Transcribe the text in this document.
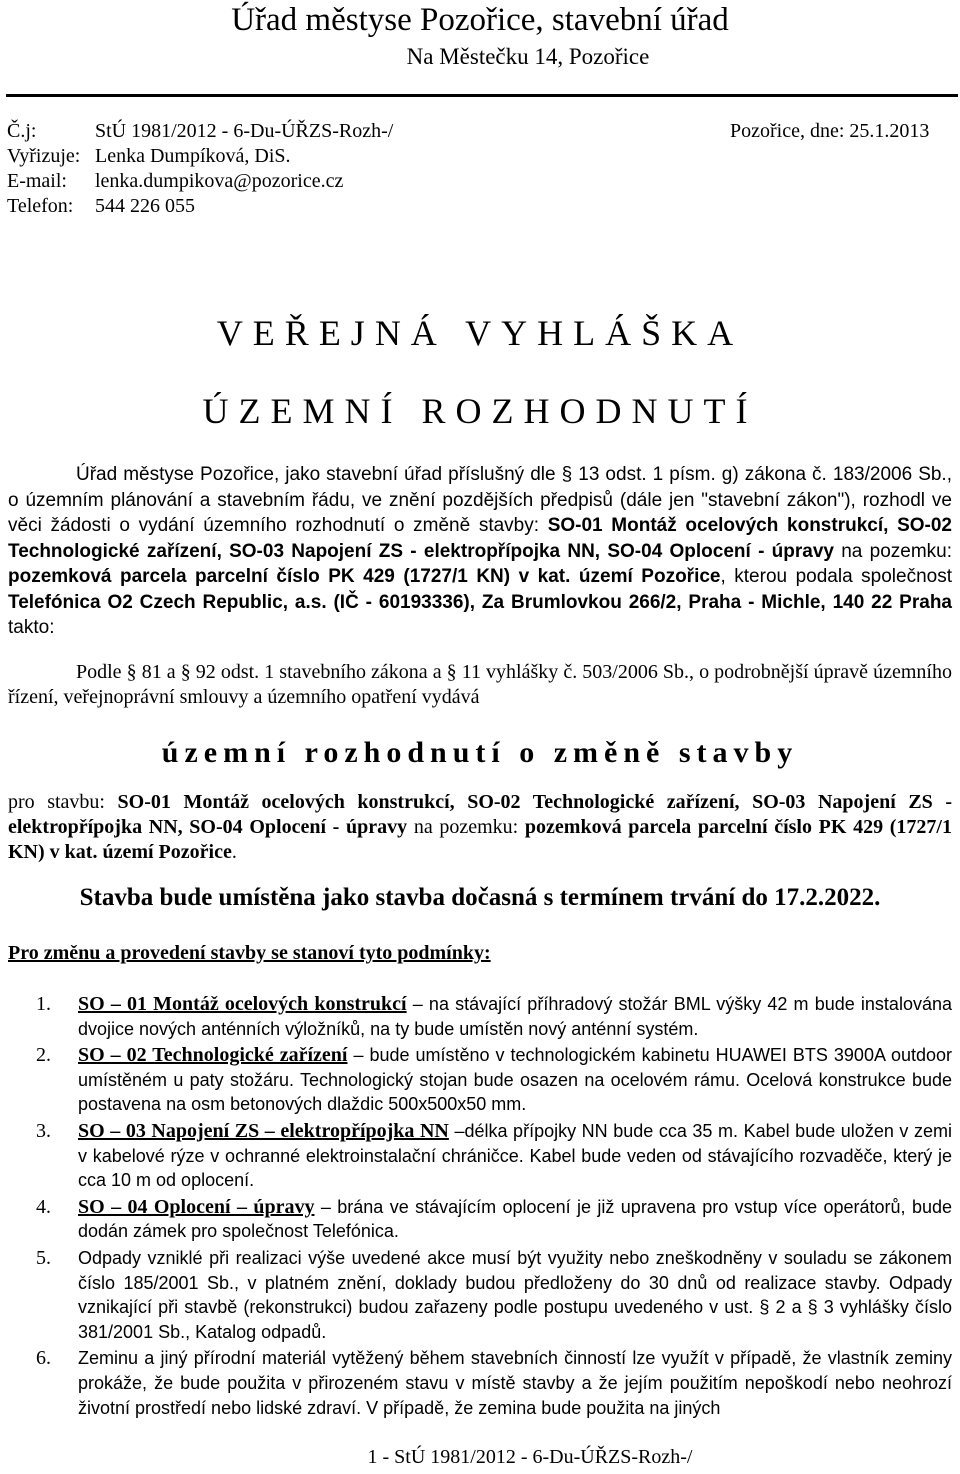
Úřad městyse Pozořice, stavební úřad
Na Městečku 14, Pozořice
Č.j:	StÚ 1981/2012 - 6-Du-ÚŘZS-Rozh-/	Pozořice, dne: 25.1.2013
Vyřizuje: Lenka Dumpíková, DiS.
E-mail: lenka.dumpikova@pozorice.cz
Telefon: 544 226 055
VEŘEJNÁ VYHLÁŠKA
ÚZEMNÍ ROZHODNUTÍ
Úřad městyse Pozořice, jako stavební úřad příslušný dle § 13 odst. 1 písm. g) zákona č. 183/2006 Sb., o územním plánování a stavebním řádu, ve znění pozdějších předpisů (dále jen "stavební zákon"), rozhodl ve věci žádosti o vydání územního rozhodnutí o změně stavby: SO-01 Montáž ocelových konstrukcí, SO-02 Technologické zařízení, SO-03 Napojení ZS - elektropřípojka NN, SO-04 Oplocení - úpravy na pozemku: pozemková parcela parcelní číslo PK 429 (1727/1 KN) v kat. území Pozořice, kterou podala společnost Telefónica O2 Czech Republic, a.s. (IČ - 60193336), Za Brumlovkou 266/2, Praha - Michle, 140 22 Praha takto:
Podle § 81 a § 92 odst. 1 stavebního zákona a § 11 vyhlášky č. 503/2006 Sb., o podrobnější úpravě územního řízení, veřejnoprávní smlouvy a územního opatření vydává
územní rozhodnutí o změně stavby
pro stavbu: SO-01 Montáž ocelových konstrukcí, SO-02 Technologické zařízení, SO-03 Napojení ZS - elektropřípojka NN, SO-04 Oplocení - úpravy na pozemku: pozemková parcela parcelní číslo PK 429 (1727/1 KN) v kat. území Pozořice.
Stavba bude umístěna jako stavba dočasná s termínem trvání do 17.2.2022.
Pro změnu a provedení stavby se stanoví tyto podmínky:
1. SO – 01 Montáž ocelových konstrukcí – na stávající příhradový stožár BML výšky 42 m bude instalována dvojice nových anténních výložníků, na ty bude umístěn nový anténní systém.
2. SO – 02 Technologické zařízení – bude umístěno v technologickém kabinetu HUAWEI BTS 3900A outdoor umístěném u paty stožáru. Technologický stojan bude osazen na ocelovém rámu. Ocelová konstrukce bude postavena na osm betonových dlaždic 500x500x50 mm.
3. SO – 03 Napojení ZS – elektropřípojka NN –délka přípojky NN bude cca 35 m. Kabel bude uložen v zemi v kabelové rýze v ochranné elektroinstalační chráničce. Kabel bude veden od stávajícího rozvaděče, který je cca 10 m od oplocení.
4. SO – 04 Oplocení – úpravy – brána ve stávajícím oplocení je již upravena pro vstup více operátorů, bude dodán zámek pro společnost Telefónica.
5. Odpady vzniklé při realizaci výše uvedené akce musí být využity nebo zneškodněny v souladu se zákonem číslo 185/2001 Sb., v platném znění, doklady budou předloženy do 30 dnů od realizace stavby. Odpady vznikající při stavbě (rekonstrukci) budou zařazeny podle postupu uvedeného v ust. § 2 a § 3 vyhlášky číslo 381/2001 Sb., Katalog odpadů.
6. Zeminu a jiný přírodní materiál vytěžený během stavebních činností lze využít v případě, že vlastník zeminy prokáže, že bude použita v přirozeném stavu v místě stavby a že jejím použitím nepoškodí nebo neohrozí životní prostředí nebo lidské zdraví. V případě, že zemina bude použita na jiných
1 - StÚ 1981/2012 - 6-Du-ÚŘZS-Rozh-/
